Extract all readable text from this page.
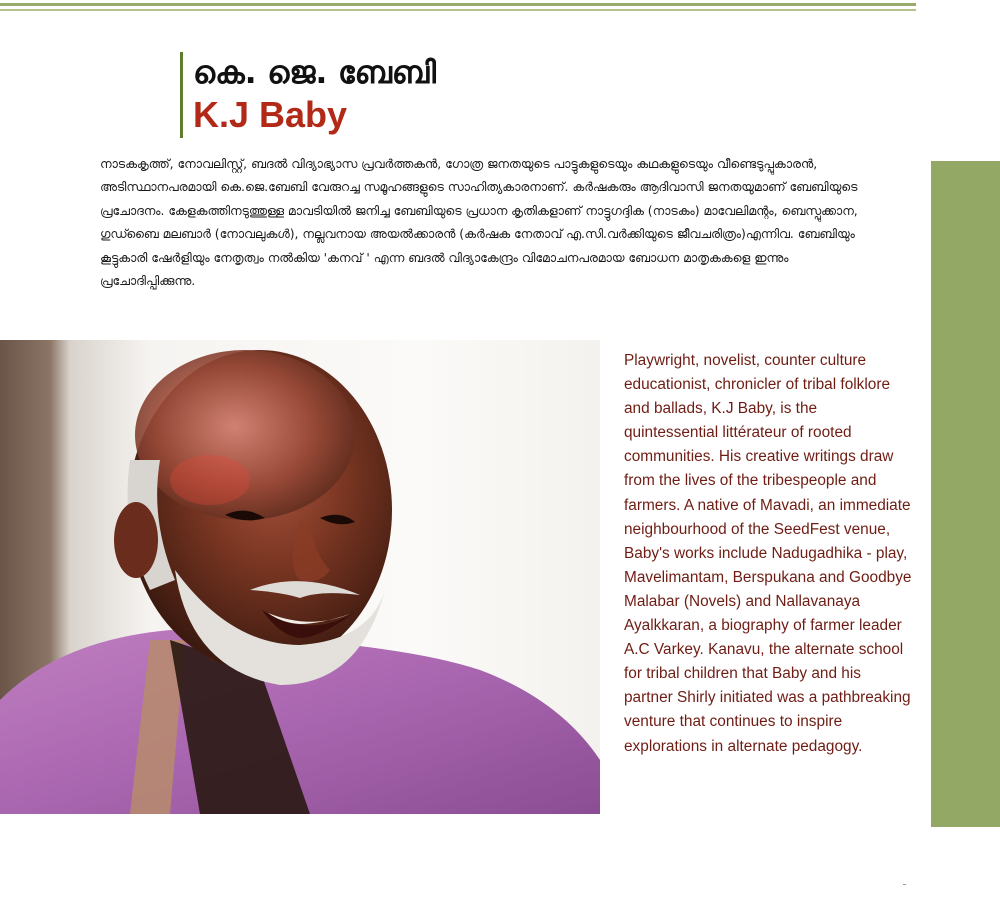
കെ. ജെ. ബേബി
K.J Baby

നാടകകൃത്ത്, നോവലിസ്റ്റ്, ബദൽ വിദ്യാഭ്യാസ പ്രവർത്തകൻ, ഗോത്ര ജനതയുടെ പാട്ടുകളുടെയും കഥകളുടെയും വീണ്ടെടുപ്പുകാരൻ, അടിസ്ഥാനപരമായി കെ.ജെ.ബേബി വേരുറച്ച സമൂഹങ്ങളുടെ സാഹിത്യകാരനാണ്. കർഷകരും ആദിവാസി ജനതയുമാണ് ബേബിയുടെ പ്രചോദനം. കേളകത്തിനടുത്തുള്ള മാവടിയിൽ ജനിച്ച ബേബിയുടെ പ്രധാന കൃതികളാണ് നാട്ടുഗദ്ദിക (നാടകം) മാവേലിമന്റം, ബെസ്പുക്കാന, ഗുഡ്ബൈ മലബാർ (നോവലുകൾ), നല്ലവനായ അയൽക്കാരൻ (കർഷക നേതാവ് എ.സി.വർക്കിയുടെ ജീവചരിത്രം)എന്നിവ. ബേബിയും കൂട്ടുകാരി ഷേർളിയും നേതൃത്വം നൽകിയ 'കനവ് ' എന്ന ബദൽ വിദ്യാകേന്ദ്രം വിമോചനപരമായ ബോധന മാതൃകകളെ ഇന്നും പ്രചോദിപ്പിക്കുന്നു.

Playwright, novelist, counter culture educationist, chronicler of tribal folklore and ballads, K.J Baby, is the quintessential littérateur of rooted communities. His creative writings draw from the lives of the tribespeople and farmers. A native of Mavadi, an immediate neighbourhood of the SeedFest venue, Baby's works include Nadugadhika - play, Mavelimantam, Berspukana and Goodbye Malabar (Novels) and Nallavanaya Ayalkkaran, a biography of farmer leader A.C Varkey. Kanavu, the alternate school for tribal children that Baby and his partner Shirly initiated was a pathbreaking venture that continues to inspire explorations in alternate pedagogy.
